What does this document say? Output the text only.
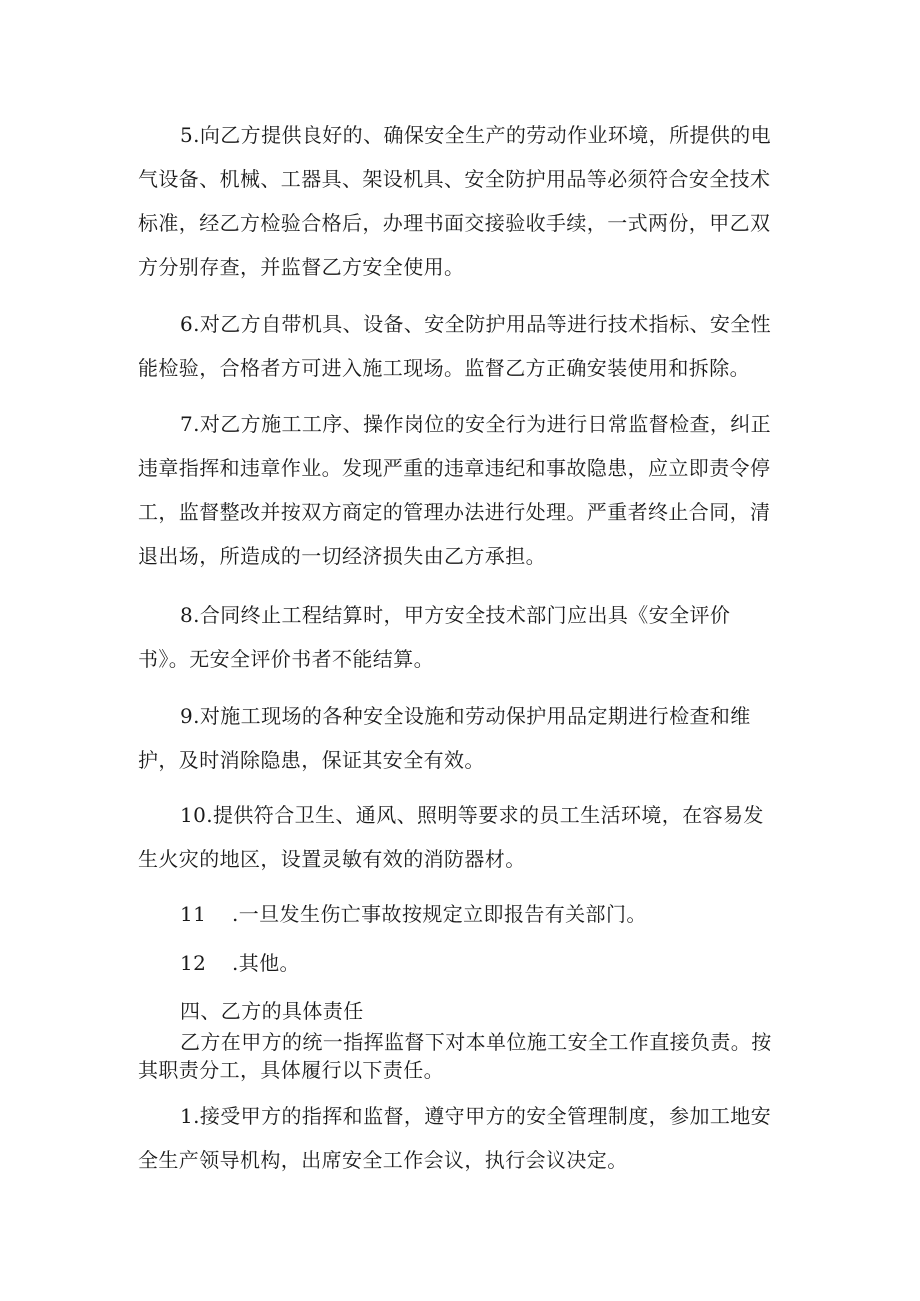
5.向乙方提供良好的、确保安全生产的劳动作业环境，所提供的电
气设备、机械、工器具、架设机具、安全防护用品等必须符合安全技术
标准，经乙方检验合格后，办理书面交接验收手续，一式两份，甲乙双
方分别存查，并监督乙方安全使用。
6.对乙方自带机具、设备、安全防护用品等进行技术指标、安全性
能检验，合格者方可进入施工现场。监督乙方正确安装使用和拆除。
7.对乙方施工工序、操作岗位的安全行为进行日常监督检查，纠正
违章指挥和违章作业。发现严重的违章违纪和事故隐患，应立即责令停
工，监督整改并按双方商定的管理办法进行处理。严重者终止合同，清
退出场，所造成的一切经济损失由乙方承担。
8.合同终止工程结算时，甲方安全技术部门应出具《安全评价
书》。无安全评价书者不能结算。
9.对施工现场的各种安全设施和劳动保护用品定期进行检查和维
护，及时消除隐患，保证其安全有效。
10.提供符合卫生、通风、照明等要求的员工生活环境，在容易发
生火灾的地区，设置灵敏有效的消防器材。
11 .一旦发生伤亡事故按规定立即报告有关部门。
12 .其他。
四、乙方的具体责任
乙方在甲方的统一指挥监督下对本单位施工安全工作直接负责。按
其职责分工，具体履行以下责任。
1.接受甲方的指挥和监督，遵守甲方的安全管理制度，参加工地安
全生产领导机构，出席安全工作会议，执行会议决定。
